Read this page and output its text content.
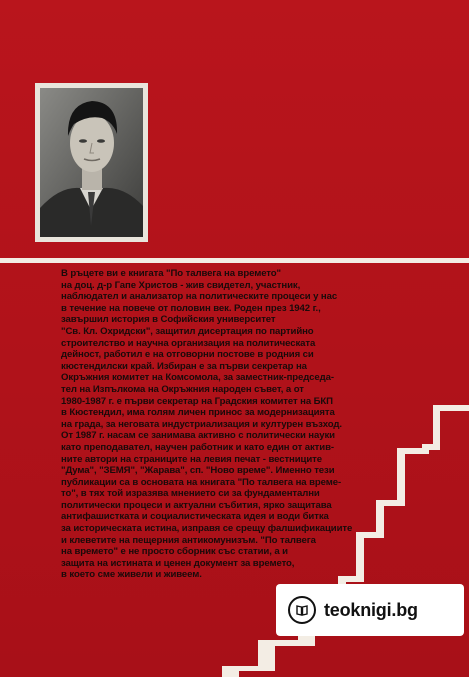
В ръцете ви е книгата "По талвега на времето"
на доц. д-р Гапе Христов - жив свидетел, участник,
наблюдател и анализатор на политическите процеси у нас
в течение на повече от половин век. Роден през 1942 г.,
завършил история в Софийския университет
"Св. Кл. Охридски", защитил дисертация по партийно
строителство и научна организация на политическата
дейност, работил е на отговорни постове в родния си
кюстендилски край. Избиран е за първи секретар на
Окръжния комитет на Комсомола, за заместник-председа-
тел на Изпълкома на Окръжния народен съвет, а от
1980-1987 г. е първи секретар на Градския комитет на БКП
в Кюстендил, има голям личен принос за модернизацията
на града, за неговата индустриализация и културен възход.
От 1987 г. насам се занимава активно с политически науки
като преподавател, научен работник и като един от актив-
ните автори на страниците на левия печат - вестниците
"Дума", "ЗЕМЯ", "Жарава", сп. "Ново време". Именно тези
публикации са в основата на книгата "По талвега на време-
то", в тях той изразява мнението си за фундаментални
политически процеси и актуални събития, ярко защитава
антифашистката и социалистическата идея и води битка
за историческата истина, изправя се срещу фалшификациите
и клеветите на пещерния антикомунизъм. "По талвега
на времето" е не просто сборник със статии, а и
защита на истината и ценен документ за времето,
в което сме живели и живеем.

teoknigi.bg
